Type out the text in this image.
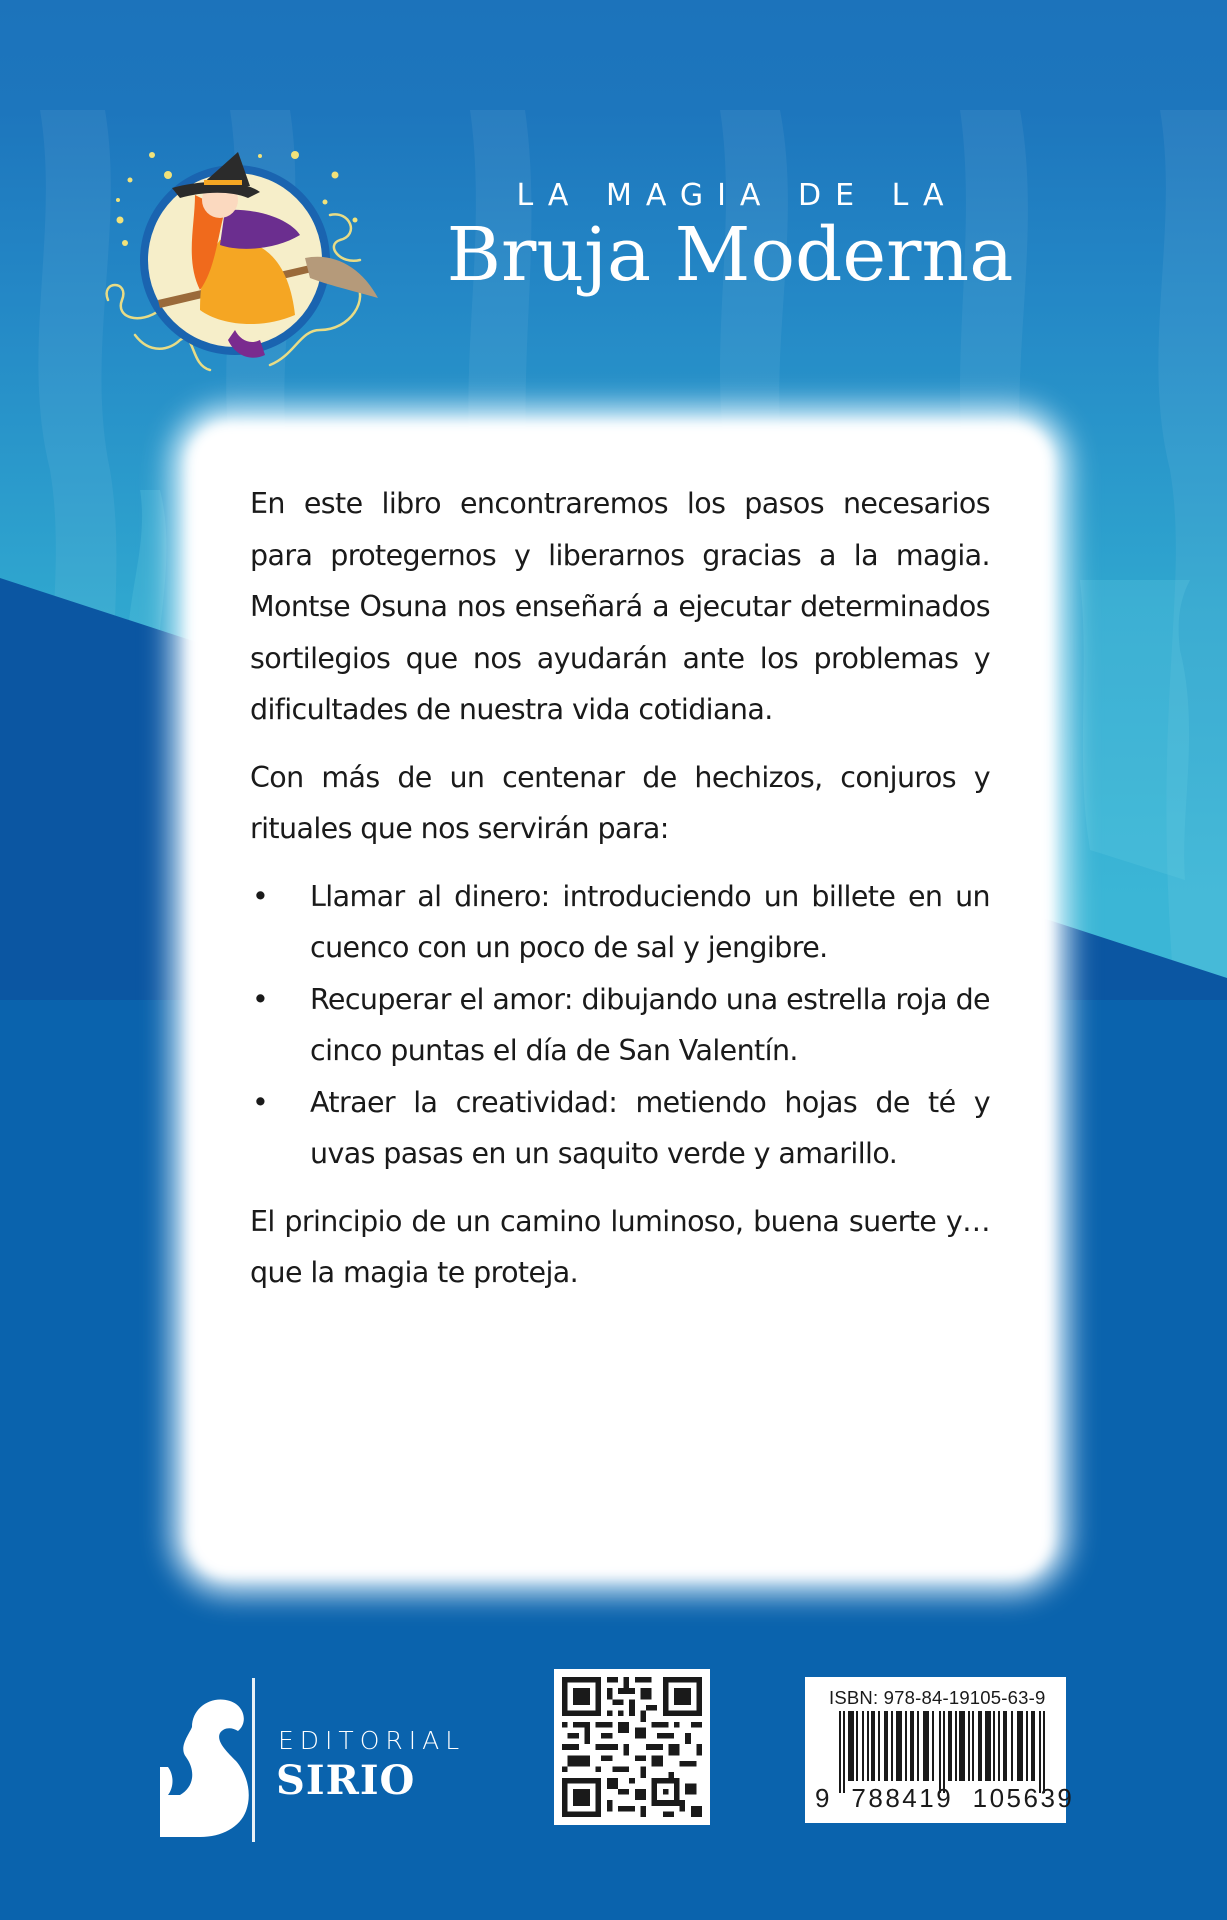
LA MAGIA DE LA
Bruja Moderna

En este libro encontraremos los pasos necesarios para protegernos y liberarnos gracias a la magia. Montse Osuna nos enseñará a ejecutar determinados sortilegios que nos ayudarán ante los problemas y dificultades de nuestra vida cotidiana.

Con más de un centenar de hechizos, conjuros y rituales que nos servirán para:

• Llamar al dinero: introduciendo un billete en un cuenco con un poco de sal y jengibre.
• Recuperar el amor: dibujando una estrella roja de cinco puntas el día de San Valentín.
• Atraer la creatividad: metiendo hojas de té y uvas pasas en un saquito verde y amarillo.

El principio de un camino luminoso, buena suerte y… que la magia te proteja.

EDITORIAL
SIRIO
ISBN: 978-84-19105-63-9
9  788419  105639
